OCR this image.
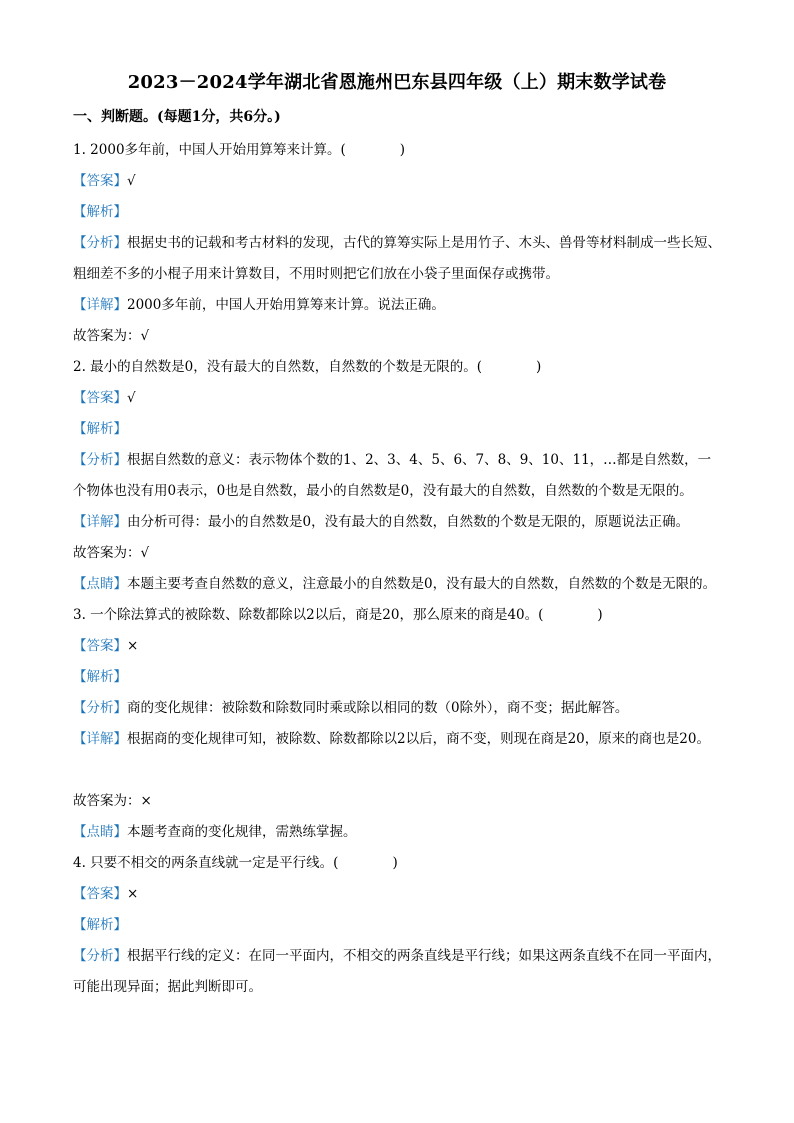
2023－2024学年湖北省恩施州巴东县四年级（上）期末数学试卷
一、判断题。(每题1分，共6分。)
1. 2000多年前，中国人开始用算筹来计算。(　　　　)
【答案】√
【解析】
【分析】根据史书的记载和考古材料的发现，古代的算筹实际上是用竹子、木头、兽骨等材料制成一些长短、粗细差不多的小棍子用来计算数目，不用时则把它们放在小袋子里面保存或携带。
【详解】2000多年前，中国人开始用算筹来计算。说法正确。
故答案为：√
2. 最小的自然数是0，没有最大的自然数，自然数的个数是无限的。(　　　　)
【答案】√
【解析】
【分析】根据自然数的意义：表示物体个数的1、2、3、4、5、6、7、8、9、10、11，…都是自然数，一个物体也没有用0表示，0也是自然数，最小的自然数是0，没有最大的自然数，自然数的个数是无限的。
【详解】由分析可得：最小的自然数是0，没有最大的自然数，自然数的个数是无限的，原题说法正确。
故答案为：√
【点睛】本题主要考查自然数的意义，注意最小的自然数是0，没有最大的自然数，自然数的个数是无限的。
3. 一个除法算式的被除数、除数都除以2以后，商是20，那么原来的商是40。(　　　　)
【答案】×
【解析】
【分析】商的变化规律：被除数和除数同时乘或除以相同的数（0除外），商不变；据此解答。
【详解】根据商的变化规律可知，被除数、除数都除以2以后，商不变，则现在商是20，原来的商也是20。
故答案为：×
【点睛】本题考查商的变化规律，需熟练掌握。
4. 只要不相交的两条直线就一定是平行线。(　　　　)
【答案】×
【解析】
【分析】根据平行线的定义：在同一平面内，不相交的两条直线是平行线；如果这两条直线不在同一平面内，可能出现异面；据此判断即可。
